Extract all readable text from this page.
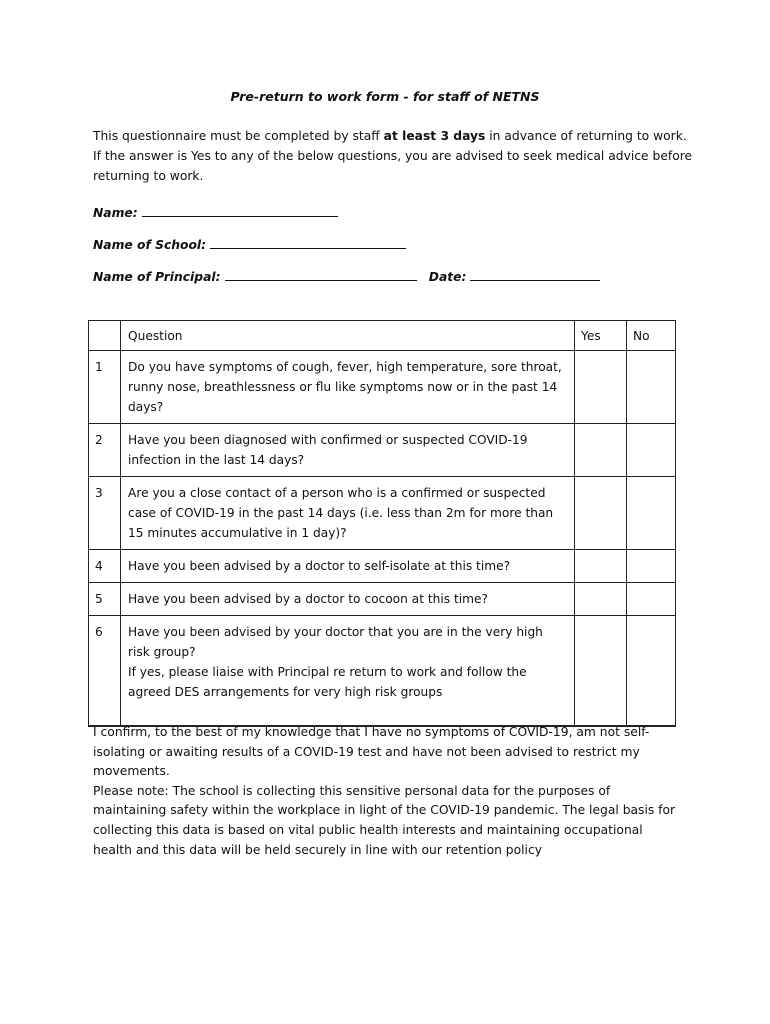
Pre-return to work form - for staff of NETNS
This questionnaire must be completed by staff at least 3 days in advance of returning to work. If the answer is Yes to any of the below questions, you are advised to seek medical advice before returning to work.
Name:
Name of School:
Name of Principal:	Date:
	Question	Yes	No
1	Do you have symptoms of cough, fever, high temperature, sore throat, runny nose, breathlessness or flu like symptoms now or in the past 14 days?		
2	Have you been diagnosed with confirmed or suspected COVID-19 infection in the last 14 days?		
3	Are you a close contact of a person who is a confirmed or suspected case of COVID-19 in the past 14 days (i.e. less than 2m for more than 15 minutes accumulative in 1 day)?		
4	Have you been advised by a doctor to self-isolate at this time?		
5	Have you been advised by a doctor to cocoon at this time?		
6	Have you been advised by your doctor that you are in the very high risk group?
If yes, please liaise with Principal re return to work and follow the agreed DES arrangements for very high risk groups		

I confirm, to the best of my knowledge that I have no symptoms of COVID-19, am not self-isolating or awaiting results of a COVID-19 test and have not been advised to restrict my movements.
Please note: The school is collecting this sensitive personal data for the purposes of maintaining safety within the workplace in light of the COVID-19 pandemic. The legal basis for collecting this data is based on vital public health interests and maintaining occupational health and this data will be held securely in line with our retention policy
